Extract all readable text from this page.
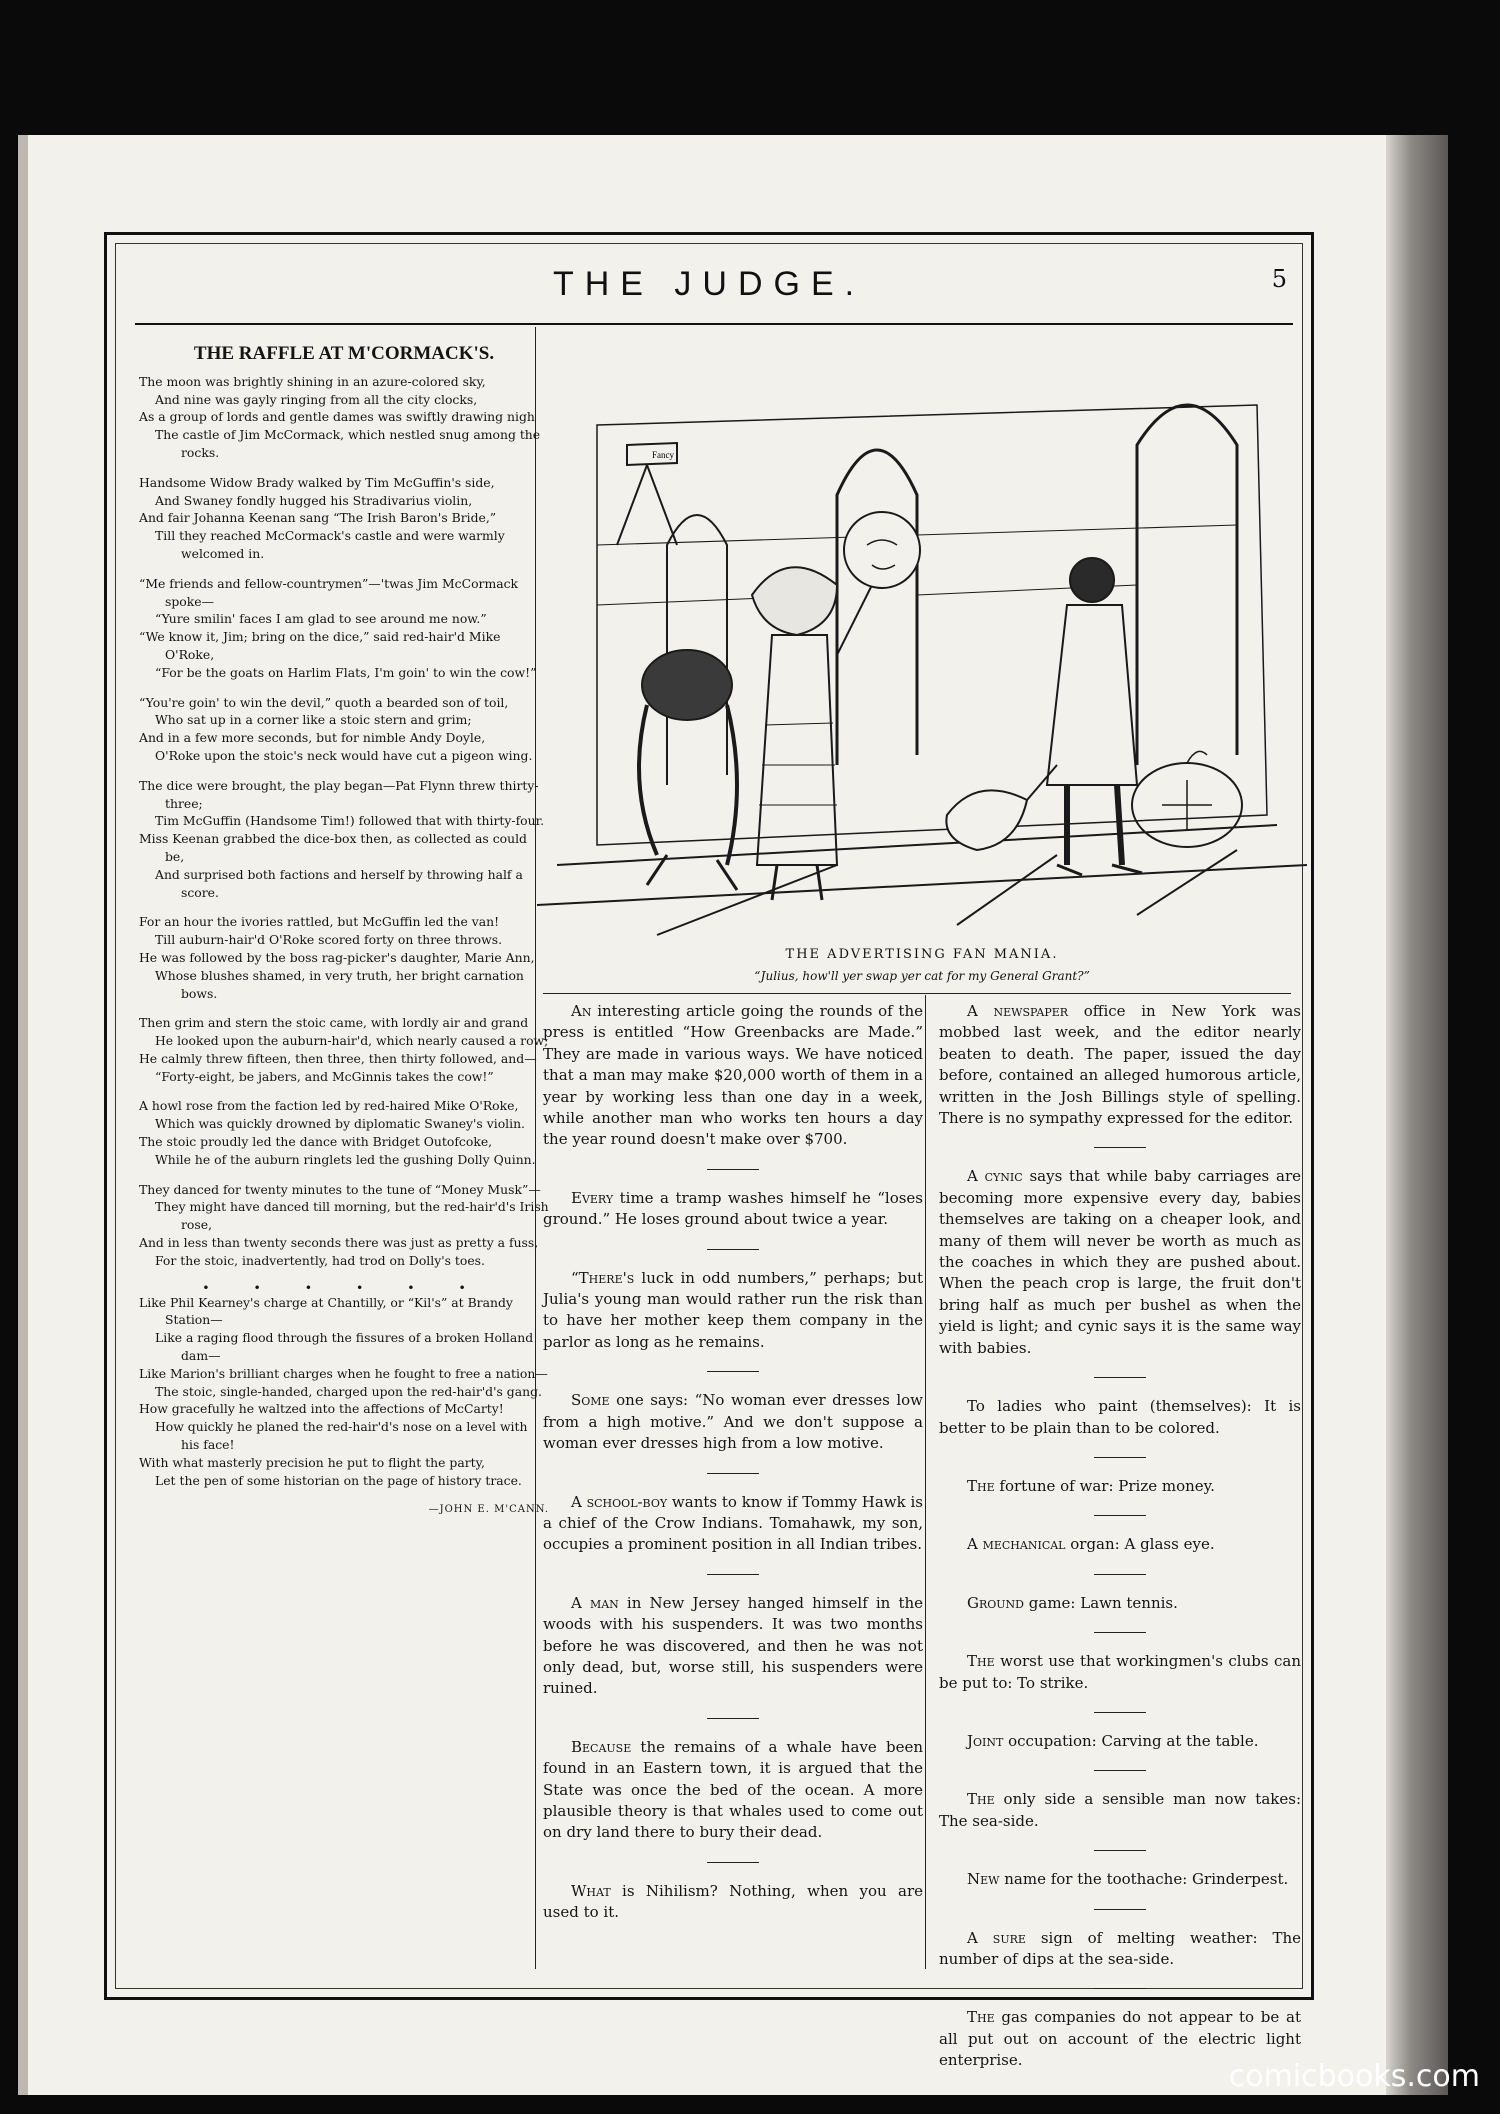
THE JUDGE.	5
THE RAFFLE AT M'CORMACK'S.
The moon was brightly shining in an azure-colored sky,
And nine was gayly ringing from all the city clocks,
As a group of lords and gentle dames was swiftly drawing nigh
The castle of Jim McCormack, which nestled snug among the rocks.
Handsome Widow Brady walked by Tim McGuffin's side,
And Swaney fondly hugged his Stradivarius violin,
And fair Johanna Keenan sang “The Irish Baron's Bride,”
Till they reached McCormack's castle and were warmly welcomed in.
“Me friends and fellow-countrymen”—'twas Jim McCormack spoke—
“Yure smilin' faces I am glad to see around me now.”
“We know it, Jim; bring on the dice,” said red-hair'd Mike O'Roke,
“For be the goats on Harlim Flats, I'm goin' to win the cow!”
“You're goin' to win the devil,” quoth a bearded son of toil,
Who sat up in a corner like a stoic stern and grim;
And in a few more seconds, but for nimble Andy Doyle,
O'Roke upon the stoic's neck would have cut a pigeon wing.
The dice were brought, the play began—Pat Flynn threw thirty-three;
Tim McGuffin (Handsome Tim!) followed that with thirty-four.
Miss Keenan grabbed the dice-box then, as collected as could be,
And surprised both factions and herself by throwing half a score.
For an hour the ivories rattled, but McGuffin led the van!
Till auburn-hair'd O'Roke scored forty on three throws.
He was followed by the boss rag-picker's daughter, Marie Ann,
Whose blushes shamed, in very truth, her bright carnation bows.
Then grim and stern the stoic came, with lordly air and grand
He looked upon the auburn-hair'd, which nearly caused a row;
He calmly threw fifteen, then three, then thirty followed, and—
“Forty-eight, be jabers, and McGinnis takes the cow!”
A howl rose from the faction led by red-haired Mike O'Roke,
Which was quickly drowned by diplomatic Swaney's violin.
The stoic proudly led the dance with Bridget Outofcoke,
While he of the auburn ringlets led the gushing Dolly Quinn.
They danced for twenty minutes to the tune of “Money Musk”—
They might have danced till morning, but the red-hair'd's Irish rose,
And in less than twenty seconds there was just as pretty a fuss,
For the stoic, inadvertently, had trod on Dolly's toes.
• • • • • •
Like Phil Kearney's charge at Chantilly, or “Kil's” at Brandy Station—
Like a raging flood through the fissures of a broken Holland dam—
Like Marion's brilliant charges when he fought to free a nation—
The stoic, single-handed, charged upon the red-hair'd's gang.
How gracefully he waltzed into the affections of McCarty!
How quickly he planed the red-hair'd's nose on a level with his face!
With what masterly precision he put to flight the party,
Let the pen of some historian on the page of history trace.
—JOHN E. M'CANN.
Fancy
THE ADVERTISING FAN MANIA.
“Julius, how'll yer swap yer cat for my General Grant?”

An interesting article going the rounds of the press is entitled “How Greenbacks are Made.” They are made in various ways. We have noticed that a man may make $20,000 worth of them in a year by working less than one day in a week, while another man who works ten hours a day the year round doesn't make over $700.

Every time a tramp washes himself he “loses ground.” He loses ground about twice a year.

“There's luck in odd numbers,” perhaps; but Julia's young man would rather run the risk than to have her mother keep them company in the parlor as long as he remains.

Some one says: “No woman ever dresses low from a high motive.” And we don't suppose a woman ever dresses high from a low motive.

A school-boy wants to know if Tommy Hawk is a chief of the Crow Indians. Tomahawk, my son, occupies a prominent position in all Indian tribes.

A man in New Jersey hanged himself in the woods with his suspenders. It was two months before he was discovered, and then he was not only dead, but, worse still, his suspenders were ruined.

Because the remains of a whale have been found in an Eastern town, it is argued that the State was once the bed of the ocean. A more plausible theory is that whales used to come out on dry land there to bury their dead.

What is Nihilism? Nothing, when you are used to it.

A newspaper office in New York was mobbed last week, and the editor nearly beaten to death. The paper, issued the day before, contained an alleged humorous article, written in the Josh Billings style of spelling. There is no sympathy expressed for the editor.

A cynic says that while baby carriages are becoming more expensive every day, babies themselves are taking on a cheaper look, and many of them will never be worth as much as the coaches in which they are pushed about. When the peach crop is large, the fruit don't bring half as much per bushel as when the yield is light; and cynic says it is the same way with babies.

To ladies who paint (themselves): It is better to be plain than to be colored.

The fortune of war: Prize money.

A mechanical organ: A glass eye.

Ground game: Lawn tennis.

The worst use that workingmen's clubs can be put to: To strike.

Joint occupation: Carving at the table.

The only side a sensible man now takes: The sea-side.

New name for the toothache: Grinderpest.

A sure sign of melting weather: The number of dips at the sea-side.

The gas companies do not appear to be at all put out on account of the electric light enterprise.	comicbooks.com
